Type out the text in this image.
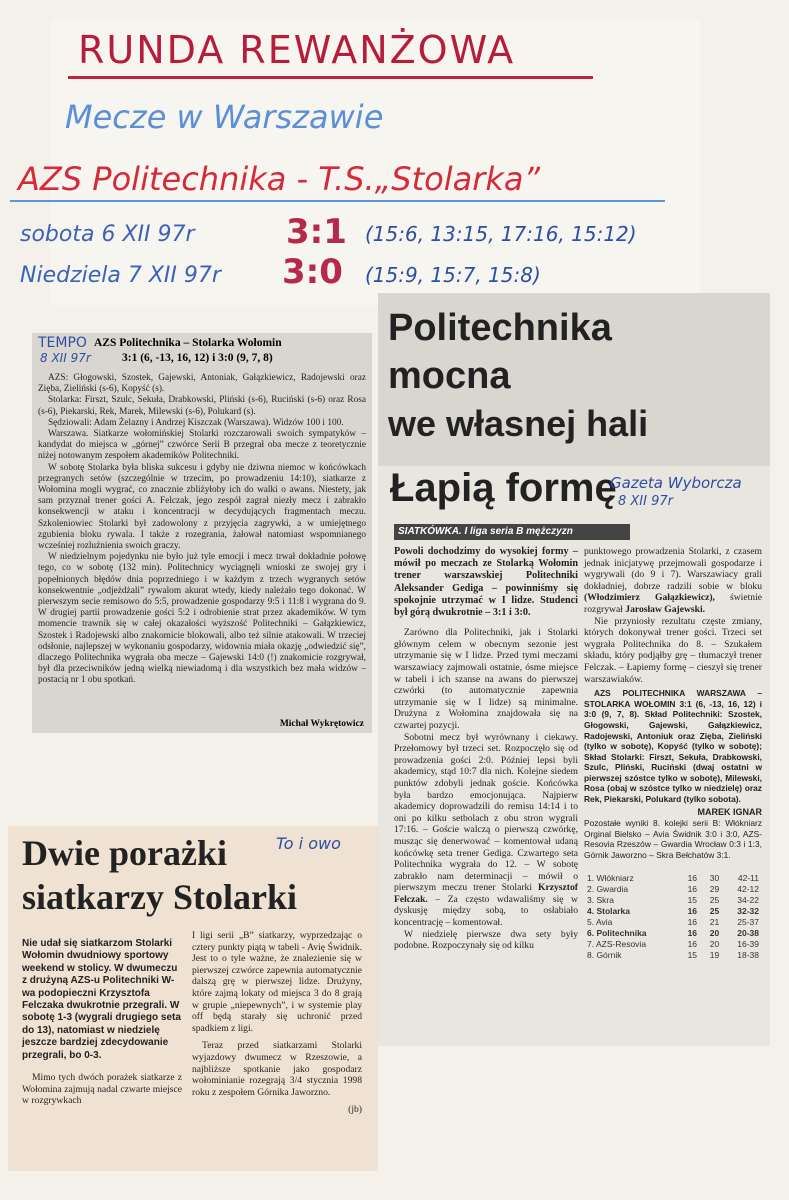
RUNDA REWANŻOWA
Mecze w Warszawie
AZS Politechnika - T.S.„Stolarka”
sobota 6 XII 97r	3:1 (15:6, 13:15, 17:16, 15:12)
Niedziela 7 XII 97r 3:0 (15:9, 15:7, 15:8)
TEMPO
8 XII 97r
AZS Politechnika – Stolarka Wołomin
3:1 (6, -13, 16, 12) i 3:0 (9, 7, 8)

AZS: Głogowski, Szostek, Gajewski, Antoniak, Gałązkiewicz, Radojewski oraz Zięba, Zieliński (s-6), Kopyść (s).

Stolarka: Firszt, Szulc, Sekuła, Drabkowski, Pliński (s-6), Ruciński (s-6) oraz Rosa (s-6), Piekarski, Rek, Marek, Milewski (s-6), Polukard (s).

Sędziowali: Adam Żelazny i Andrzej Kiszczak (Warszawa). Widzów 100 i 100.

Warszawa. Siatkarze wołomińskiej Stolarki rozczarowali swoich sympatyków – kandydat do miejsca w „górnej” czwórce Serii B przegrał oba mecze z teoretycznie niżej notowanym zespołem akademików Politechniki.

W sobotę Stolarka była bliska sukcesu i gdyby nie dziwna niemoc w końcówkach przegranych setów (szczególnie w trzecim, po prowadzeniu 14:10), siatkarze z Wołomina mogli wygrać, co znacznie zbliżyłoby ich do walki o awans. Niestety, jak sam przyznał trener gości A. Felczak, jego zespół zagrał niezły mecz i zabrakło konsekwencji w ataku i koncentracji w decydujących fragmentach meczu. Szkoleniowiec Stolarki był zadowolony z przyjęcia zagrywki, a w umiejętnego zgubienia bloku rywala. I także z rozegrania, żałował natomiast wspomnianego wcześniej rozluźnienia swoich graczy.

W niedzielnym pojedynku nie było już tyle emocji i mecz trwał dokładnie połowę tego, co w sobotę (132 min). Politechnicy wyciągnęli wnioski ze swojej gry i popełnionych błędów dnia poprzedniego i w każdym z trzech wygranych setów konsekwentnie „odjeżdżali” rywalom akurat wtedy, kiedy należało tego dokonać. W pierwszym secie remisowo do 5:5, prowadzenie gospodarzy 9:5 i 11:8 i wygrana do 9. W drugiej partii prowadzenie gości 5:2 i odrobienie strat przez akademików. W tym momencie trawnik się w całej okazałości wyższość Politechniki – Gałązkiewicz, Szostek i Radojewski albo znakomicie blokowali, albo też silnie atakowali. W trzeciej odsłonie, najlepszej w wykonaniu gospodarzy, widownia miała okazję „odwiedzić się”, dlaczego Politechnika wygrała oba mecze – Gajewski 14:0 (!) znakomicie rozgrywał, był dla przeciwników jedną wielką niewiadomą i dla wszystkich bez mała widzów – postacią nr 1 obu spotkań.

Michał Wykrętowicz
Politechnika
mocna
we własnej hali
Łapią formę
Gazeta Wyborcza
8 XII 97r
SIATKÓWKA. I liga seria B mężczyzn

Powoli dochodzimy do wysokiej formy – mówił po meczach ze Stolarką Wołomin trener warszawskiej Politechniki Aleksander Gediga – powinniśmy się spokojnie utrzymać w I lidze. Studenci był górą dwukrotnie – 3:1 i 3:0.

Zarówno dla Politechniki, jak i Stolarki głównym celem w obecnym sezonie jest utrzymanie się w I lidze. Przed tymi meczami warszawiacy zajmowali ostatnie, ósme miejsce w tabeli i ich szanse na awans do pierwszej czwórki (to automatycznie zapewnia utrzymanie się w I lidze) są minimalne. Drużyna z Wołomina znajdowała się na czwartej pozycji.

Sobotni mecz był wyrównany i ciekawy. Przełomowy był trzeci set. Rozpoczęło się od prowadzenia gości 2:0. Później lepsi byli akademicy, stąd 10:7 dla nich. Kolejne siedem punktów zdobyli jednak goście. Końcówka była bardzo emocjonująca. Najpierw akademicy doprowadzili do remisu 14:14 i to oni po kilku setbolach z obu stron wygrali 17:16. – Goście walczą o pierwszą czwórkę, musząc się denerwować – komentował udaną końcówkę seta trener Gediga. Czwartego seta Politechnika wygrała do 12. – W sobotę zabrakło nam determinacji – mówił o pierwszym meczu trener Stolarki Krzysztof Felczak. – Za często wdawaliśmy się w dyskusję między sobą, to osłabiało koncentrację – komentował.

W niedzielę pierwsze dwa sety były podobne. Rozpoczynały się od kilku

punktowego prowadzenia Stolarki, z czasem jednak inicjatywę przejmowali gospodarze i wygrywali (do 9 i 7). Warszawiacy grali dokładniej, dobrze radzili sobie w bloku (Włodzimierz Gałązkiewicz), świetnie rozgrywał Jarosław Gajewski.

Nie przyniosły rezultatu częste zmiany, których dokonywał trener gości. Trzeci set wygrała Politechnika do 8. – Szukałem składu, który podjąłby grę – tłumaczył trener Felczak. – Łapiemy formę – cieszył się trener warszawiaków.

AZS POLITECHNIKA WARSZAWA – STOLARKA WOŁOMIN 3:1 (6, -13, 16, 12) i 3:0 (9, 7, 8). Skład Politechniki: Szostek, Głogowski, Gajewski, Gałązkiewicz, Radojewski, Antoniuk oraz Zięba, Zieliński (tylko w sobotę), Kopyść (tylko w sobotę); Skład Stolarki: Firszt, Sekuła, Drabkowski, Szulc, Pliński, Ruciński (dwaj ostatni w pierwszej szóstce tylko w sobotę), Milewski, Rosa (obaj w szóstce tylko w niedzielę) oraz Rek, Piekarski, Polukard (tylko sobota).

MAREK IGNAR

Pozostałe wyniki 8. kolejki serii B: Włókniarz Orginal Bielsko – Avia Świdnik 3:0 i 3:0, AZS-Resovia Rzeszów – Gwardia Wrocław 0:3 i 1:3, Górnik Jaworzno – Skra Bełchatów 3:1.

1. Włókniarz	16	30	42-11
2. Gwardia	16	29	42-12
3. Skra	15	25	34-22
4. Stolarka	16	25	32-32
5. Avia	16	21	25-37
6. Politechnika	16	20	20-38
7. AZS-Resovia	16	20	16-39
8. Górnik	15	19	18-38
To i owo
Dwie porażki
siatkarzy Stolarki

Nie udał się siatkarzom Stolarki Wołomin dwudniowy sportowy weekend w stolicy. W dwumeczu z drużyną AZS-u Politechniki W-wa podopieczni Krzysztofa Felczaka dwukrotnie przegrali. W sobotę 1-3 (wygrali drugiego seta do 13), natomiast w niedzielę jeszcze bardziej zdecydowanie przegrali, bo 0-3.

Mimo tych dwóch porażek siatkarze z Wołomina zajmują nadal czwarte miejsce w rozgrywkach

I ligi serii „B” siatkarzy, wyprzedzając o cztery punkty piątą w tabeli - Avię Świdnik. Jest to o tyle ważne, że znalezienie się w pierwszej czwórce zapewnia automatycznie dalszą grę w pierwszej lidze. Drużyny, które zajmą lokaty od miejsca 3 do 8 grają w grupie „niepewnych”, i w systemie play off będą starały się uchronić przed spadkiem z ligi.

Teraz przed siatkarzami Stolarki wyjazdowy dwumecz w Rzeszowie, a najbliższe spotkanie jako gospodarz wołominianie rozegrają 3/4 stycznia 1998 roku z zespołem Górnika Jaworzno.

(jb)
